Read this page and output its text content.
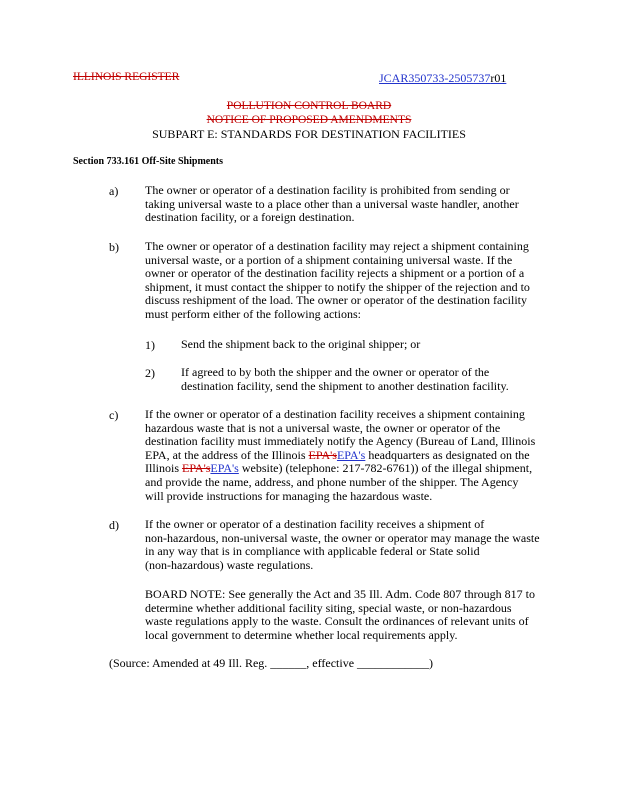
ILLINOIS REGISTER	JCAR350733-2505737r01
POLLUTION CONTROL BOARD
NOTICE OF PROPOSED AMENDMENTS
SUBPART E: STANDARDS FOR DESTINATION FACILITIES
Section 733.161 Off-Site Shipments
a) The owner or operator of a destination facility is prohibited from sending or
taking universal waste to a place other than a universal waste handler, another
destination facility, or a foreign destination.
b) The owner or operator of a destination facility may reject a shipment containing
universal waste, or a portion of a shipment containing universal waste. If the
owner or operator of the destination facility rejects a shipment or a portion of a
shipment, it must contact the shipper to notify the shipper of the rejection and to
discuss reshipment of the load. The owner or operator of the destination facility
must perform either of the following actions:
1) Send the shipment back to the original shipper; or
2) If agreed to by both the shipper and the owner or operator of the
destination facility, send the shipment to another destination facility.
c) If the owner or operator of a destination facility receives a shipment containing
hazardous waste that is not a universal waste, the owner or operator of the
destination facility must immediately notify the Agency (Bureau of Land, Illinois
EPA, at the address of the Illinois EPA'sEPA's headquarters as designated on the
Illinois EPA'sEPA's website) (telephone: 217-782-6761)) of the illegal shipment,
and provide the name, address, and phone number of the shipper. The Agency
will provide instructions for managing the hazardous waste.
d) If the owner or operator of a destination facility receives a shipment of
non-hazardous, non-universal waste, the owner or operator may manage the waste
in any way that is in compliance with applicable federal or State solid
(non-hazardous) waste regulations.
BOARD NOTE: See generally the Act and 35 Ill. Adm. Code 807 through 817 to
determine whether additional facility siting, special waste, or non-hazardous
waste regulations apply to the waste. Consult the ordinances of relevant units of
local government to determine whether local requirements apply.
(Source: Amended at 49 Ill. Reg. ______, effective ____________)
